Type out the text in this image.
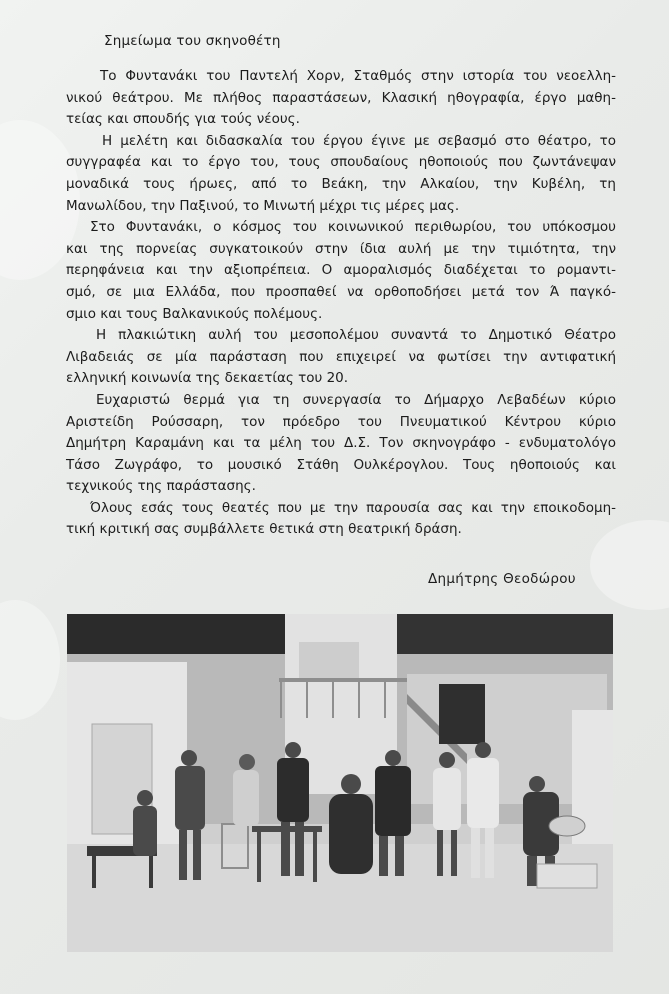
Σημείωμα του σκηνοθέτη
Το Φυντανάκι του Παντελή Χορν, Σταθμός στην ιστορία του νεοελλη-
νικού θεάτρου. Με πλήθος παραστάσεων, Κλασική ηθογραφία, έργο μαθη-
τείας και σπουδής για τούς νέους.
Η μελέτη και διδασκαλία του έργου έγινε με σεβασμό στο θέατρο, το
συγγραφέα και το έργο του, τους σπουδαίους ηθοποιούς που ζωντάνεψαν
μοναδικά τους ήρωες, από το Βεάκη, την Αλκαίου, την Κυβέλη, τη
Μανωλίδου, την Παξινού, το Μινωτή μέχρι τις μέρες μας.
Στο Φυντανάκι, ο κόσμος του κοινωνικού περιθωρίου, του υπόκοσμου
και της πορνείας συγκατοικούν στην ίδια αυλή με την τιμιότητα, την
περηφάνεια και την αξιοπρέπεια. Ο αμοραλισμός διαδέχεται το ρομαντι-
σμό, σε μια Ελλάδα, που προσπαθεί να ορθοποδήσει μετά τον Ά παγκό-
σμιο και τους Βαλκανικούς πολέμους.
Η πλακιώτικη αυλή του μεσοπολέμου συναντά το Δημοτικό Θέατρο
Λιβαδειάς σε μία παράσταση που επιχειρεί να φωτίσει την αντιφατική
ελληνική κοινωνία της δεκαετίας του 20.
Ευχαριστώ θερμά για τη συνεργασία το Δήμαρχο Λεβαδέων κύριο
Αριστείδη Ρούσσαρη, τον πρόεδρο του Πνευματικού Κέντρου κύριο
Δημήτρη Καραμάνη και τα μέλη του Δ.Σ. Τον σκηνογράφο - ενδυματολόγο
Τάσο Ζωγράφο, το μουσικό Στάθη Ουλκέρογλου. Τους ηθοποιούς και
τεχνικούς της παράστασης.
Όλους εσάς τους θεατές που με την παρουσία σας και την εποικοδομη-
τική κριτική σας συμβάλλετε θετικά στη θεατρική δράση.
Δημήτρης Θεοδώρου
